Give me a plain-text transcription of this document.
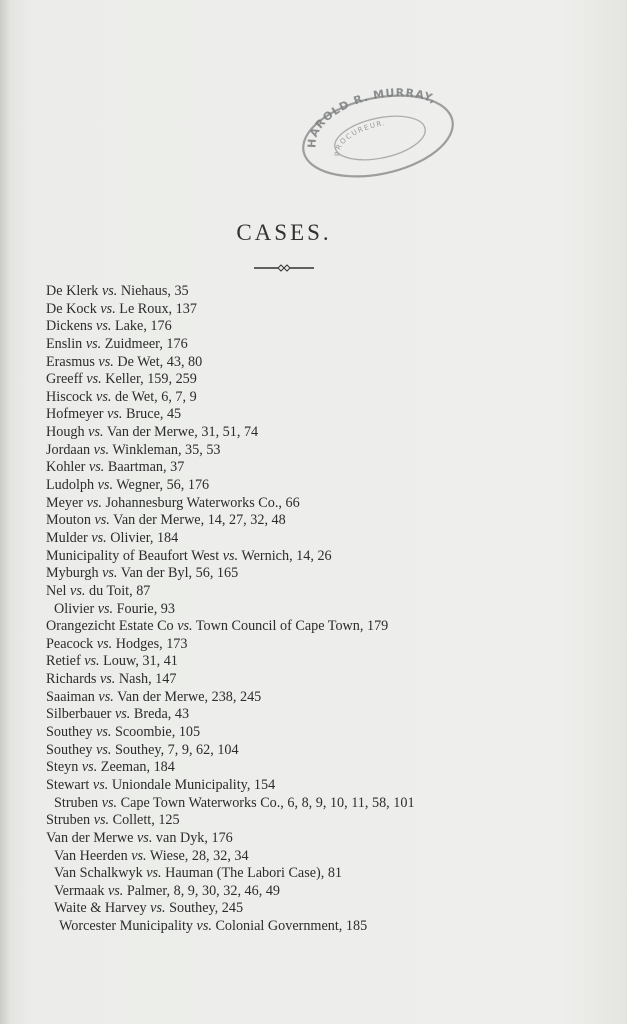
HAROLD R. MURRAY,
PROCUREUR.
CASES.
De Klerk vs. Niehaus, 35
De Kock vs. Le Roux, 137
Dickens vs. Lake, 176
Enslin vs. Zuidmeer, 176
Erasmus vs. De Wet, 43, 80
Greeff vs. Keller, 159, 259
Hiscock vs. de Wet, 6, 7, 9
Hofmeyer vs. Bruce, 45
Hough vs. Van der Merwe, 31, 51, 74
Jordaan vs. Winkleman, 35, 53
Kohler vs. Baartman, 37
Ludolph vs. Wegner, 56, 176
Meyer vs. Johannesburg Waterworks Co., 66
Mouton vs. Van der Merwe, 14, 27, 32, 48
Mulder vs. Olivier, 184
Municipality of Beaufort West vs. Wernich, 14, 26
Myburgh vs. Van der Byl, 56, 165
Nel vs. du Toit, 87
Olivier vs. Fourie, 93
Orangezicht Estate Co vs. Town Council of Cape Town, 179
Peacock vs. Hodges, 173
Retief vs. Louw, 31, 41
Richards vs. Nash, 147
Saaiman vs. Van der Merwe, 238, 245
Silberbauer vs. Breda, 43
Southey vs. Scoombie, 105
Southey vs. Southey, 7, 9, 62, 104
Steyn vs. Zeeman, 184
Stewart vs. Uniondale Municipality, 154
Struben vs. Cape Town Waterworks Co., 6, 8, 9, 10, 11, 58, 101
Struben vs. Collett, 125
Van der Merwe vs. van Dyk, 176
Van Heerden vs. Wiese, 28, 32, 34
Van Schalkwyk vs. Hauman (The Labori Case), 81
Vermaak vs. Palmer, 8, 9, 30, 32, 46, 49
Waite & Harvey vs. Southey, 245
Worcester Municipality vs. Colonial Government, 185
